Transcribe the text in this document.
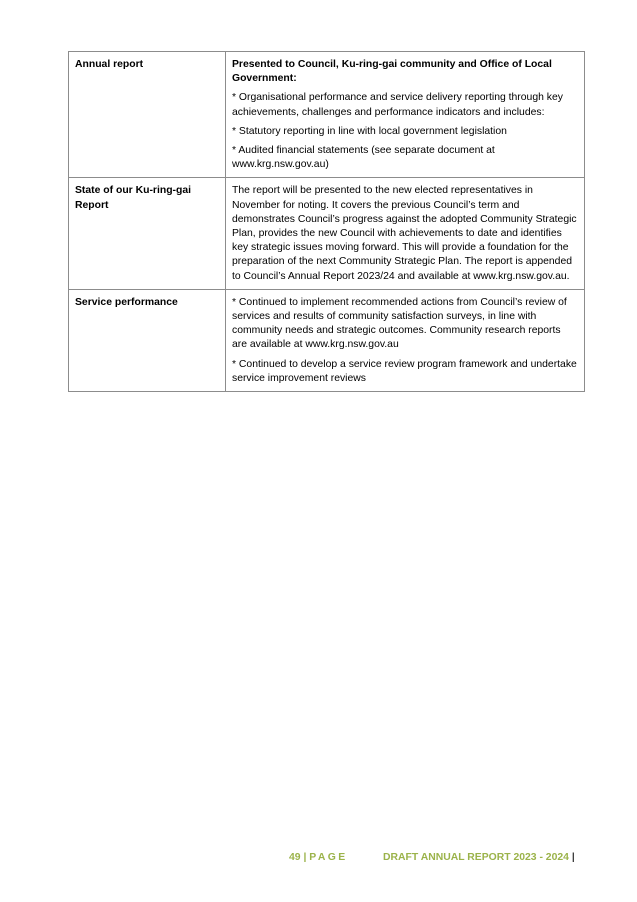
Annual report	Presented to Council, Ku-ring-gai community and Office of Local Government:

* Organisational performance and service delivery reporting through key achievements, challenges and performance indicators and includes:

* Statutory reporting in line with local government legislation

* Audited financial statements (see separate document at www.krg.nsw.gov.au)

State of our Ku-ring-gai Report	The report will be presented to the new elected representatives in November for noting. It covers the previous Council’s term and demonstrates Council’s progress against the adopted Community Strategic Plan, provides the new Council with achievements to date and identifies key strategic issues moving forward. This will provide a foundation for the preparation of the next Community Strategic Plan. The report is appended to Council’s Annual Report 2023/24 and available at www.krg.nsw.gov.au.

Service performance	* Continued to implement recommended actions from Council’s review of services and results of community satisfaction surveys, in line with community needs and strategic outcomes. Community research reports are available at www.krg.nsw.gov.au

* Continued to develop a service review program framework and undertake service improvement reviews

49 | PAGE	DRAFT ANNUAL REPORT 2023 - 2024 |
